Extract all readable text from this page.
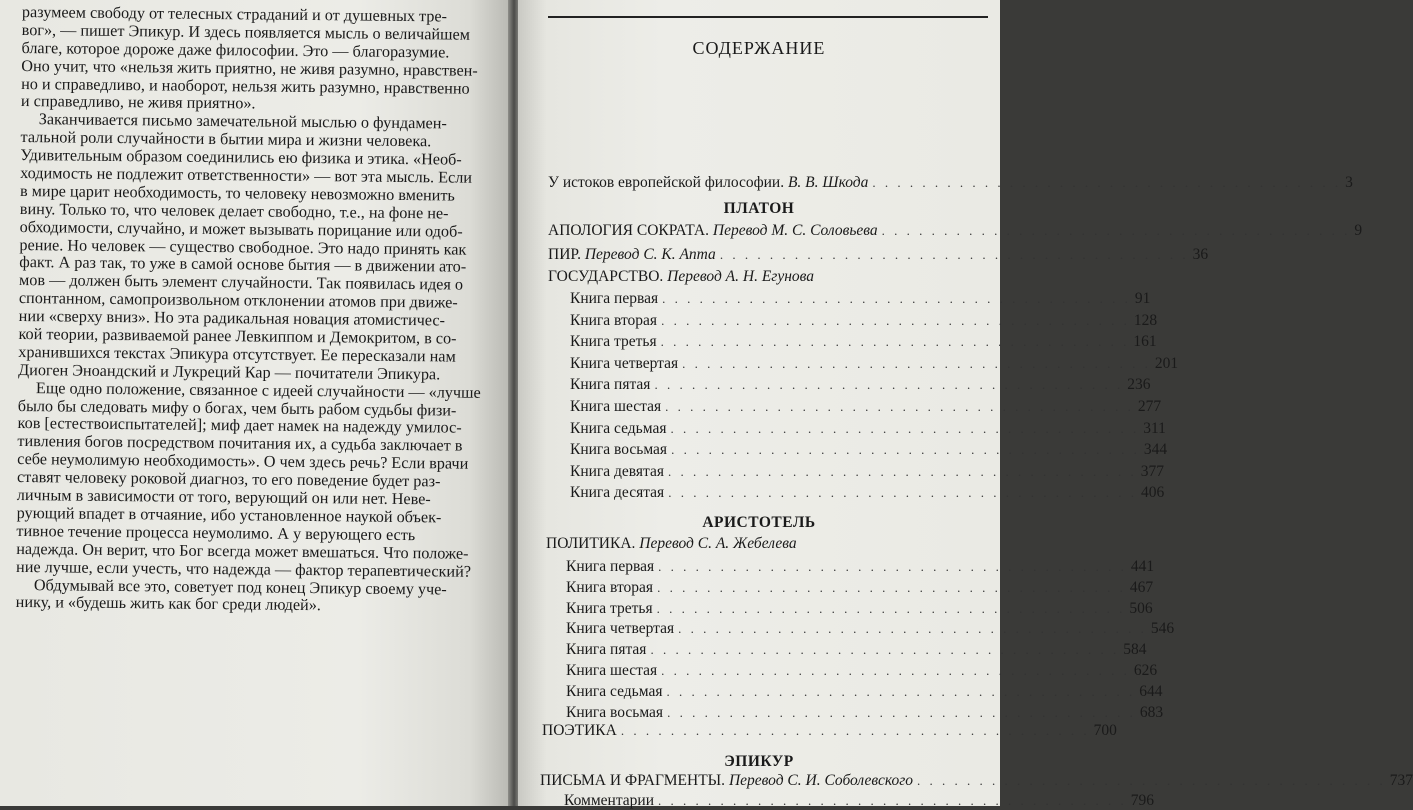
разумеем свободу от телесных страданий и от душевных тре-
вог», — пишет Эпикур. И здесь появляется мысль о величайшем
благе, которое дороже даже философии. Это — благоразумие.
Оно учит, что «нельзя жить приятно, не живя разумно, нравствен-
но и справедливо, и наоборот, нельзя жить разумно, нравственно
и справедливо, не живя приятно».
Заканчивается письмо замечательной мыслью о фундамен-
тальной роли случайности в бытии мира и жизни человека.
Удивительным образом соединились ею физика и этика. «Необ-
ходимость не подлежит ответственности» — вот эта мысль. Если
в мире царит необходимость, то человеку невозможно вменить
вину. Только то, что человек делает свободно, т.е., на фоне не-
обходимости, случайно, и может вызывать порицание или одоб-
рение. Но человек — существо свободное. Это надо принять как
факт. А раз так, то уже в самой основе бытия — в движении ато-
мов — должен быть элемент случайности. Так появилась идея о
спонтанном, самопроизвольном отклонении атомов при движе-
нии «сверху вниз». Но эта радикальная новация атомистичес-
кой теории, развиваемой ранее Левкиппом и Демокритом, в со-
хранившихся текстах Эпикура отсутствует. Ее пересказали нам
Диоген Эноандский и Лукреций Кар — почитатели Эпикура.
Еще одно положение, связанное с идеей случайности — «лучше
было бы следовать мифу о богах, чем быть рабом судьбы физи-
ков [естествоиспытателей]; миф дает намек на надежду умилос-
тивления богов посредством почитания их, а судьба заключает в
себе неумолимую необходимость». О чем здесь речь? Если врачи
ставят человеку роковой диагноз, то его поведение будет раз-
личным в зависимости от того, верующий он или нет. Неве-
рующий впадет в отчаяние, ибо установленное наукой объек-
тивное течение процесса неумолимо. А у верующего есть
надежда. Он верит, что Бог всегда может вмешаться. Что положе-
ние лучше, если учесть, что надежда — фактор терапевтический?
Обдумывай все это, советует под конец Эпикур своему уче-
нику, и «будешь жить как бог среди людей».
СОДЕРЖАНИЕ
У истоков европейской философии. В. В. Шкода . . . . . . . . . . . . . . . . . . . . . . . . . . . . . . . . . . . . . . 3
ПЛАТОН
АПОЛОГИЯ СОКРАТА. Перевод М. С. Соловьева . . . . . . . . . . . . . . . . . . . . . . . . . . . . . . . . . . . . . . 9
ПИР. Перевод С. К. Апта . . . . . . . . . . . . . . . . . . . . . . . . . . . . . . . . . . . . . . 36
ГОСУДАРСТВО. Перевод А. Н. Егунова
Книга первая . . . . . . . . . . . . . . . . . . . . . . . . . . . . . . . . . . . . . . 91
Книга вторая . . . . . . . . . . . . . . . . . . . . . . . . . . . . . . . . . . . . . . 128
Книга третья . . . . . . . . . . . . . . . . . . . . . . . . . . . . . . . . . . . . . . 161
Книга четвертая . . . . . . . . . . . . . . . . . . . . . . . . . . . . . . . . . . . . . . 201
Книга пятая . . . . . . . . . . . . . . . . . . . . . . . . . . . . . . . . . . . . . . 236
Книга шестая . . . . . . . . . . . . . . . . . . . . . . . . . . . . . . . . . . . . . . 277
Книга седьмая . . . . . . . . . . . . . . . . . . . . . . . . . . . . . . . . . . . . . . 311
Книга восьмая . . . . . . . . . . . . . . . . . . . . . . . . . . . . . . . . . . . . . . 344
Книга девятая . . . . . . . . . . . . . . . . . . . . . . . . . . . . . . . . . . . . . . 377
Книга десятая . . . . . . . . . . . . . . . . . . . . . . . . . . . . . . . . . . . . . . 406
АРИСТОТЕЛЬ
ПОЛИТИКА. Перевод С. А. Жебелева
Книга первая . . . . . . . . . . . . . . . . . . . . . . . . . . . . . . . . . . . . . . 441
Книга вторая . . . . . . . . . . . . . . . . . . . . . . . . . . . . . . . . . . . . . . 467
Книга третья . . . . . . . . . . . . . . . . . . . . . . . . . . . . . . . . . . . . . . 506
Книга четвертая . . . . . . . . . . . . . . . . . . . . . . . . . . . . . . . . . . . . . . 546
Книга пятая . . . . . . . . . . . . . . . . . . . . . . . . . . . . . . . . . . . . . . 584
Книга шестая . . . . . . . . . . . . . . . . . . . . . . . . . . . . . . . . . . . . . . 626
Книга седьмая . . . . . . . . . . . . . . . . . . . . . . . . . . . . . . . . . . . . . . 644
Книга восьмая . . . . . . . . . . . . . . . . . . . . . . . . . . . . . . . . . . . . . . 683
ПОЭТИКА . . . . . . . . . . . . . . . . . . . . . . . . . . . . . . . . . . . . . . 700
ЭПИКУР
ПИСЬМА И ФРАГМЕНТЫ. Перевод С. И. Соболевского . . . . . . . . . . . . . . . . . . . . . . . . . . . . . . . . . . . . . . 737
Комментарии . . . . . . . . . . . . . . . . . . . . . . . . . . . . . . . . . . . . . . 796
